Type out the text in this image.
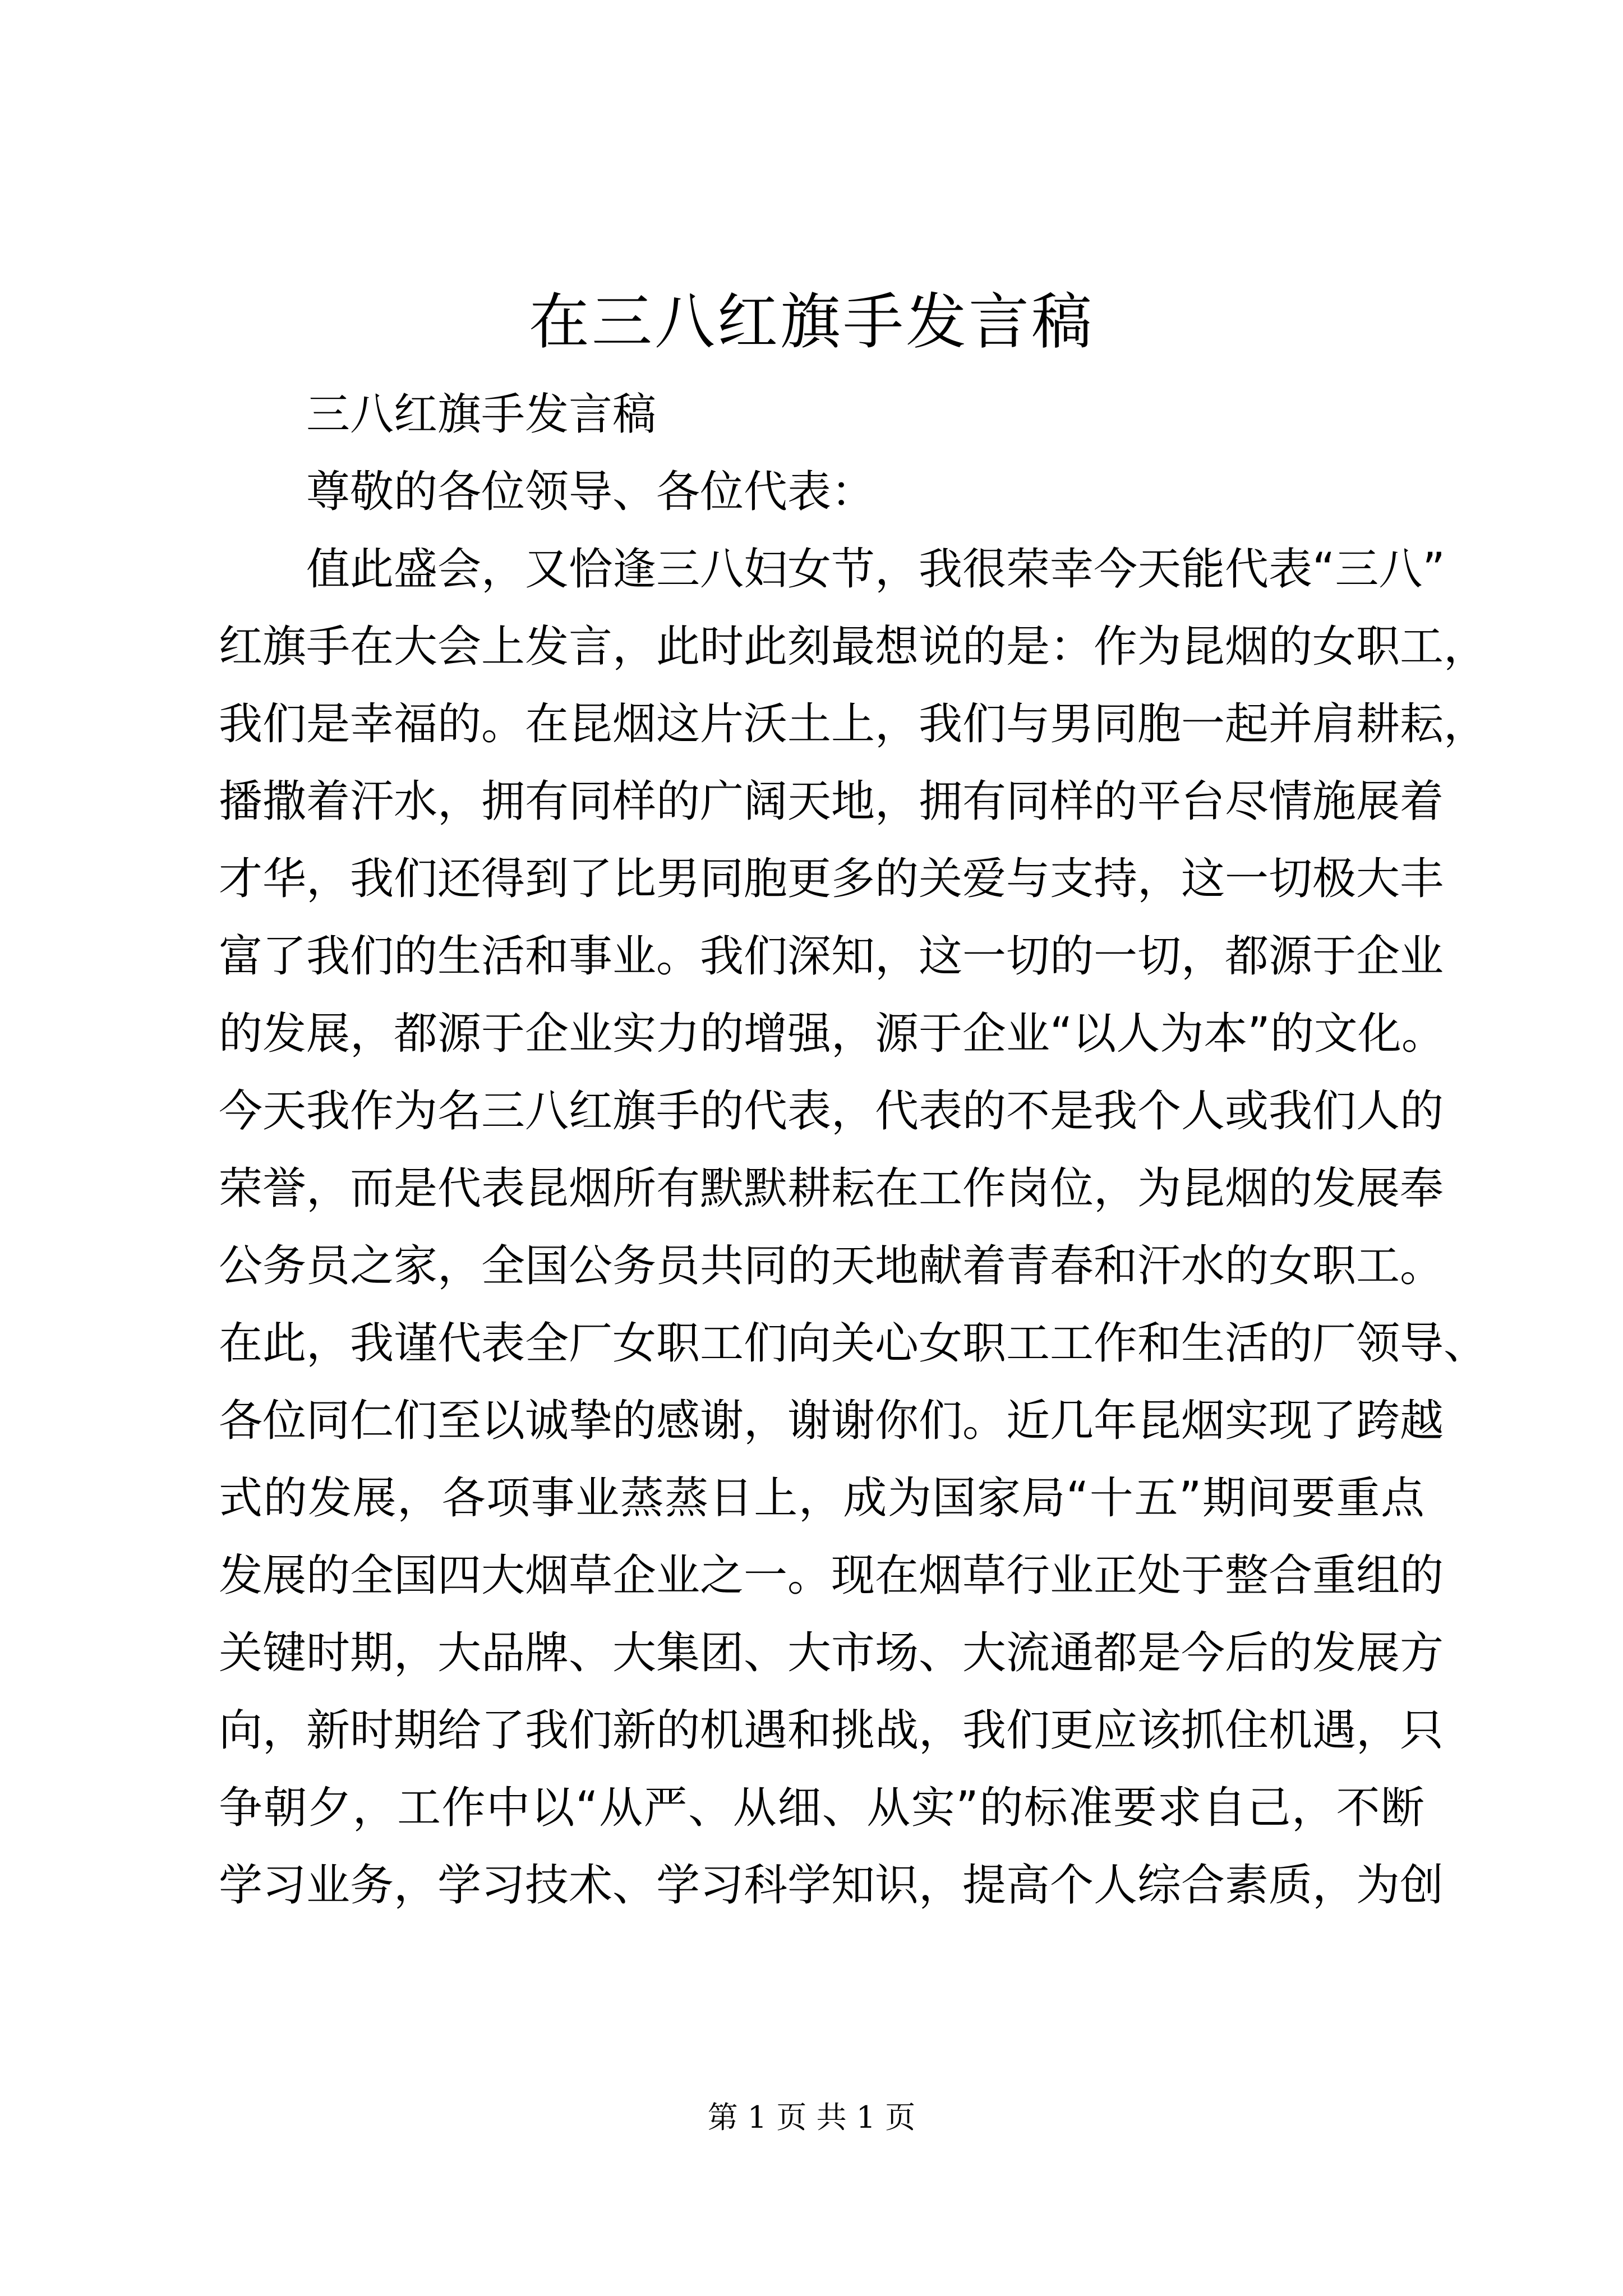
在三八红旗手发言稿
三八红旗手发言稿
尊敬的各位领导、各位代表：
值此盛会，又恰逢三八妇女节，我很荣幸今天能代表“三八”
红旗手在大会上发言，此时此刻最想说的是：作为昆烟的女职工，
我们是幸福的。在昆烟这片沃土上，我们与男同胞一起并肩耕耘，
播撒着汗水，拥有同样的广阔天地，拥有同样的平台尽情施展着
才华，我们还得到了比男同胞更多的关爱与支持，这一切极大丰
富了我们的生活和事业。我们深知，这一切的一切，都源于企业
的发展，都源于企业实力的增强，源于企业“以人为本”的文化。
今天我作为名三八红旗手的代表，代表的不是我个人或我们人的
荣誉，而是代表昆烟所有默默耕耘在工作岗位，为昆烟的发展奉
公务员之家，全国公务员共同的天地献着青春和汗水的女职工。
在此，我谨代表全厂女职工们向关心女职工工作和生活的厂领导、
各位同仁们至以诚挚的感谢，谢谢你们。近几年昆烟实现了跨越
式的发展，各项事业蒸蒸日上，成为国家局“十五”期间要重点
发展的全国四大烟草企业之一。现在烟草行业正处于整合重组的
关键时期，大品牌、大集团、大市场、大流通都是今后的发展方
向，新时期给了我们新的机遇和挑战，我们更应该抓住机遇，只
争朝夕，工作中以“从严、从细、从实”的标准要求自己，不断
学习业务，学习技术、学习科学知识，提高个人综合素质，为创
第 1 页 共 1 页
